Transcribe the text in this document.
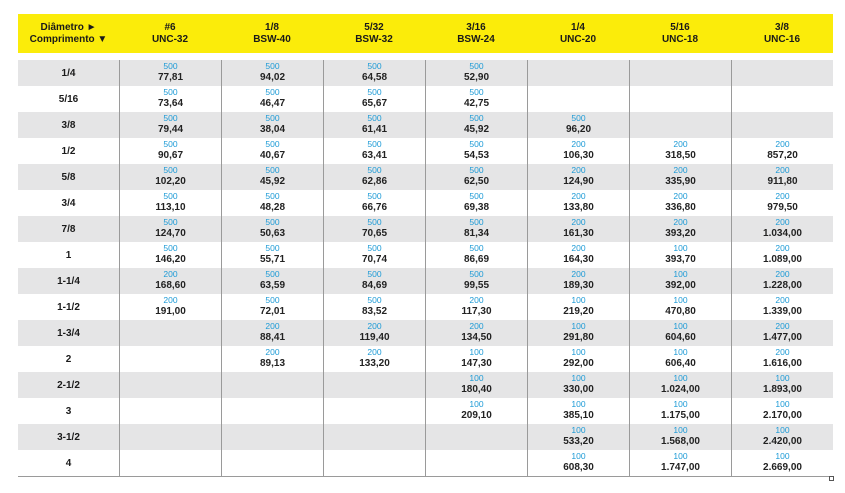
Diâmetro ►
Comprimento ▼
#6
UNC-32
1/8
BSW-40
5/32
BSW-32
3/16
BSW-24
1/4
UNC-20
5/16
UNC-18
3/8
UNC-16
1/4
500
77,81
500
94,02
500
64,58
500
52,90
5/16
500
73,64
500
46,47
500
65,67
500
42,75
3/8
500
79,44
500
38,04
500
61,41
500
45,92
500
96,20
1/2
500
90,67
500
40,67
500
63,41
500
54,53
200
106,30
200
318,50
200
857,20
5/8
500
102,20
500
45,92
500
62,86
500
62,50
200
124,90
200
335,90
200
911,80
3/4
500
113,10
500
48,28
500
66,76
500
69,38
200
133,80
200
336,80
200
979,50
7/8
500
124,70
500
50,63
500
70,65
500
81,34
200
161,30
200
393,20
200
1.034,00
1
500
146,20
500
55,71
500
70,74
500
86,69
200
164,30
100
393,70
200
1.089,00
1-1/4
200
168,60
500
63,59
500
84,69
500
99,55
200
189,30
100
392,00
200
1.228,00
1-1/2
200
191,00
500
72,01
500
83,52
200
117,30
100
219,20
100
470,80
200
1.339,00
1-3/4
200
88,41
200
119,40
200
134,50
100
291,80
100
604,60
200
1.477,00
2
200
89,13
200
133,20
100
147,30
100
292,00
100
606,40
200
1.616,00
2-1/2
100
180,40
100
330,00
100
1.024,00
100
1.893,00
3
100
209,10
100
385,10
100
1.175,00
100
2.170,00
3-1/2
100
533,20
100
1.568,00
100
2.420,00
4
100
608,30
100
1.747,00
100
2.669,00
